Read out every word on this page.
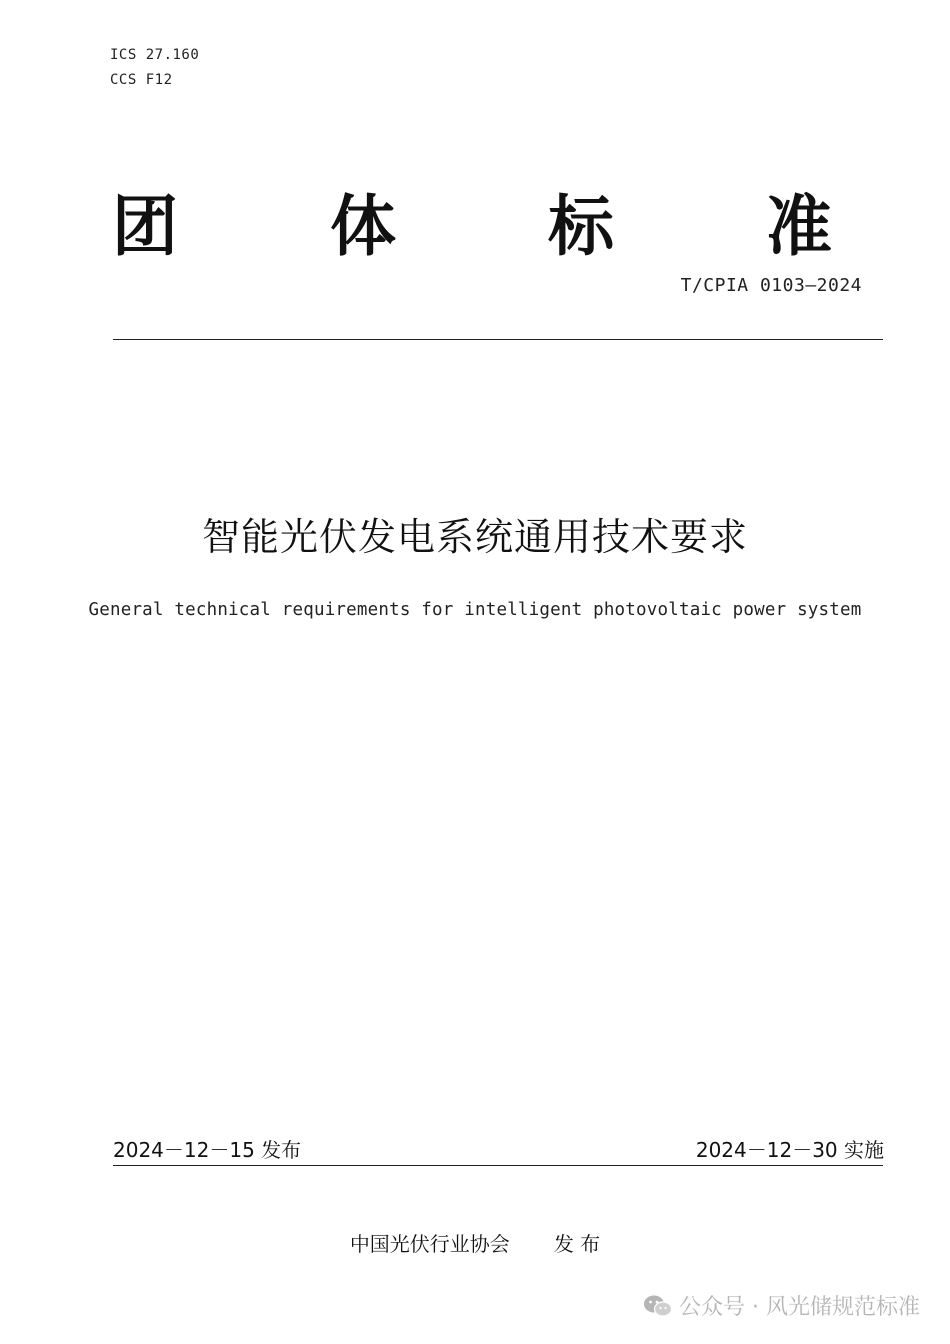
ICS 27.160
CCS F12
团 体 标 准
T/CPIA 0103—2024
智能光伏发电系统通用技术要求
General technical requirements for intelligent photovoltaic power system
2024－12－15 发布	2024－12－30 实施
中国光伏行业协会 发 布
公众号 · 风光储规范标准
